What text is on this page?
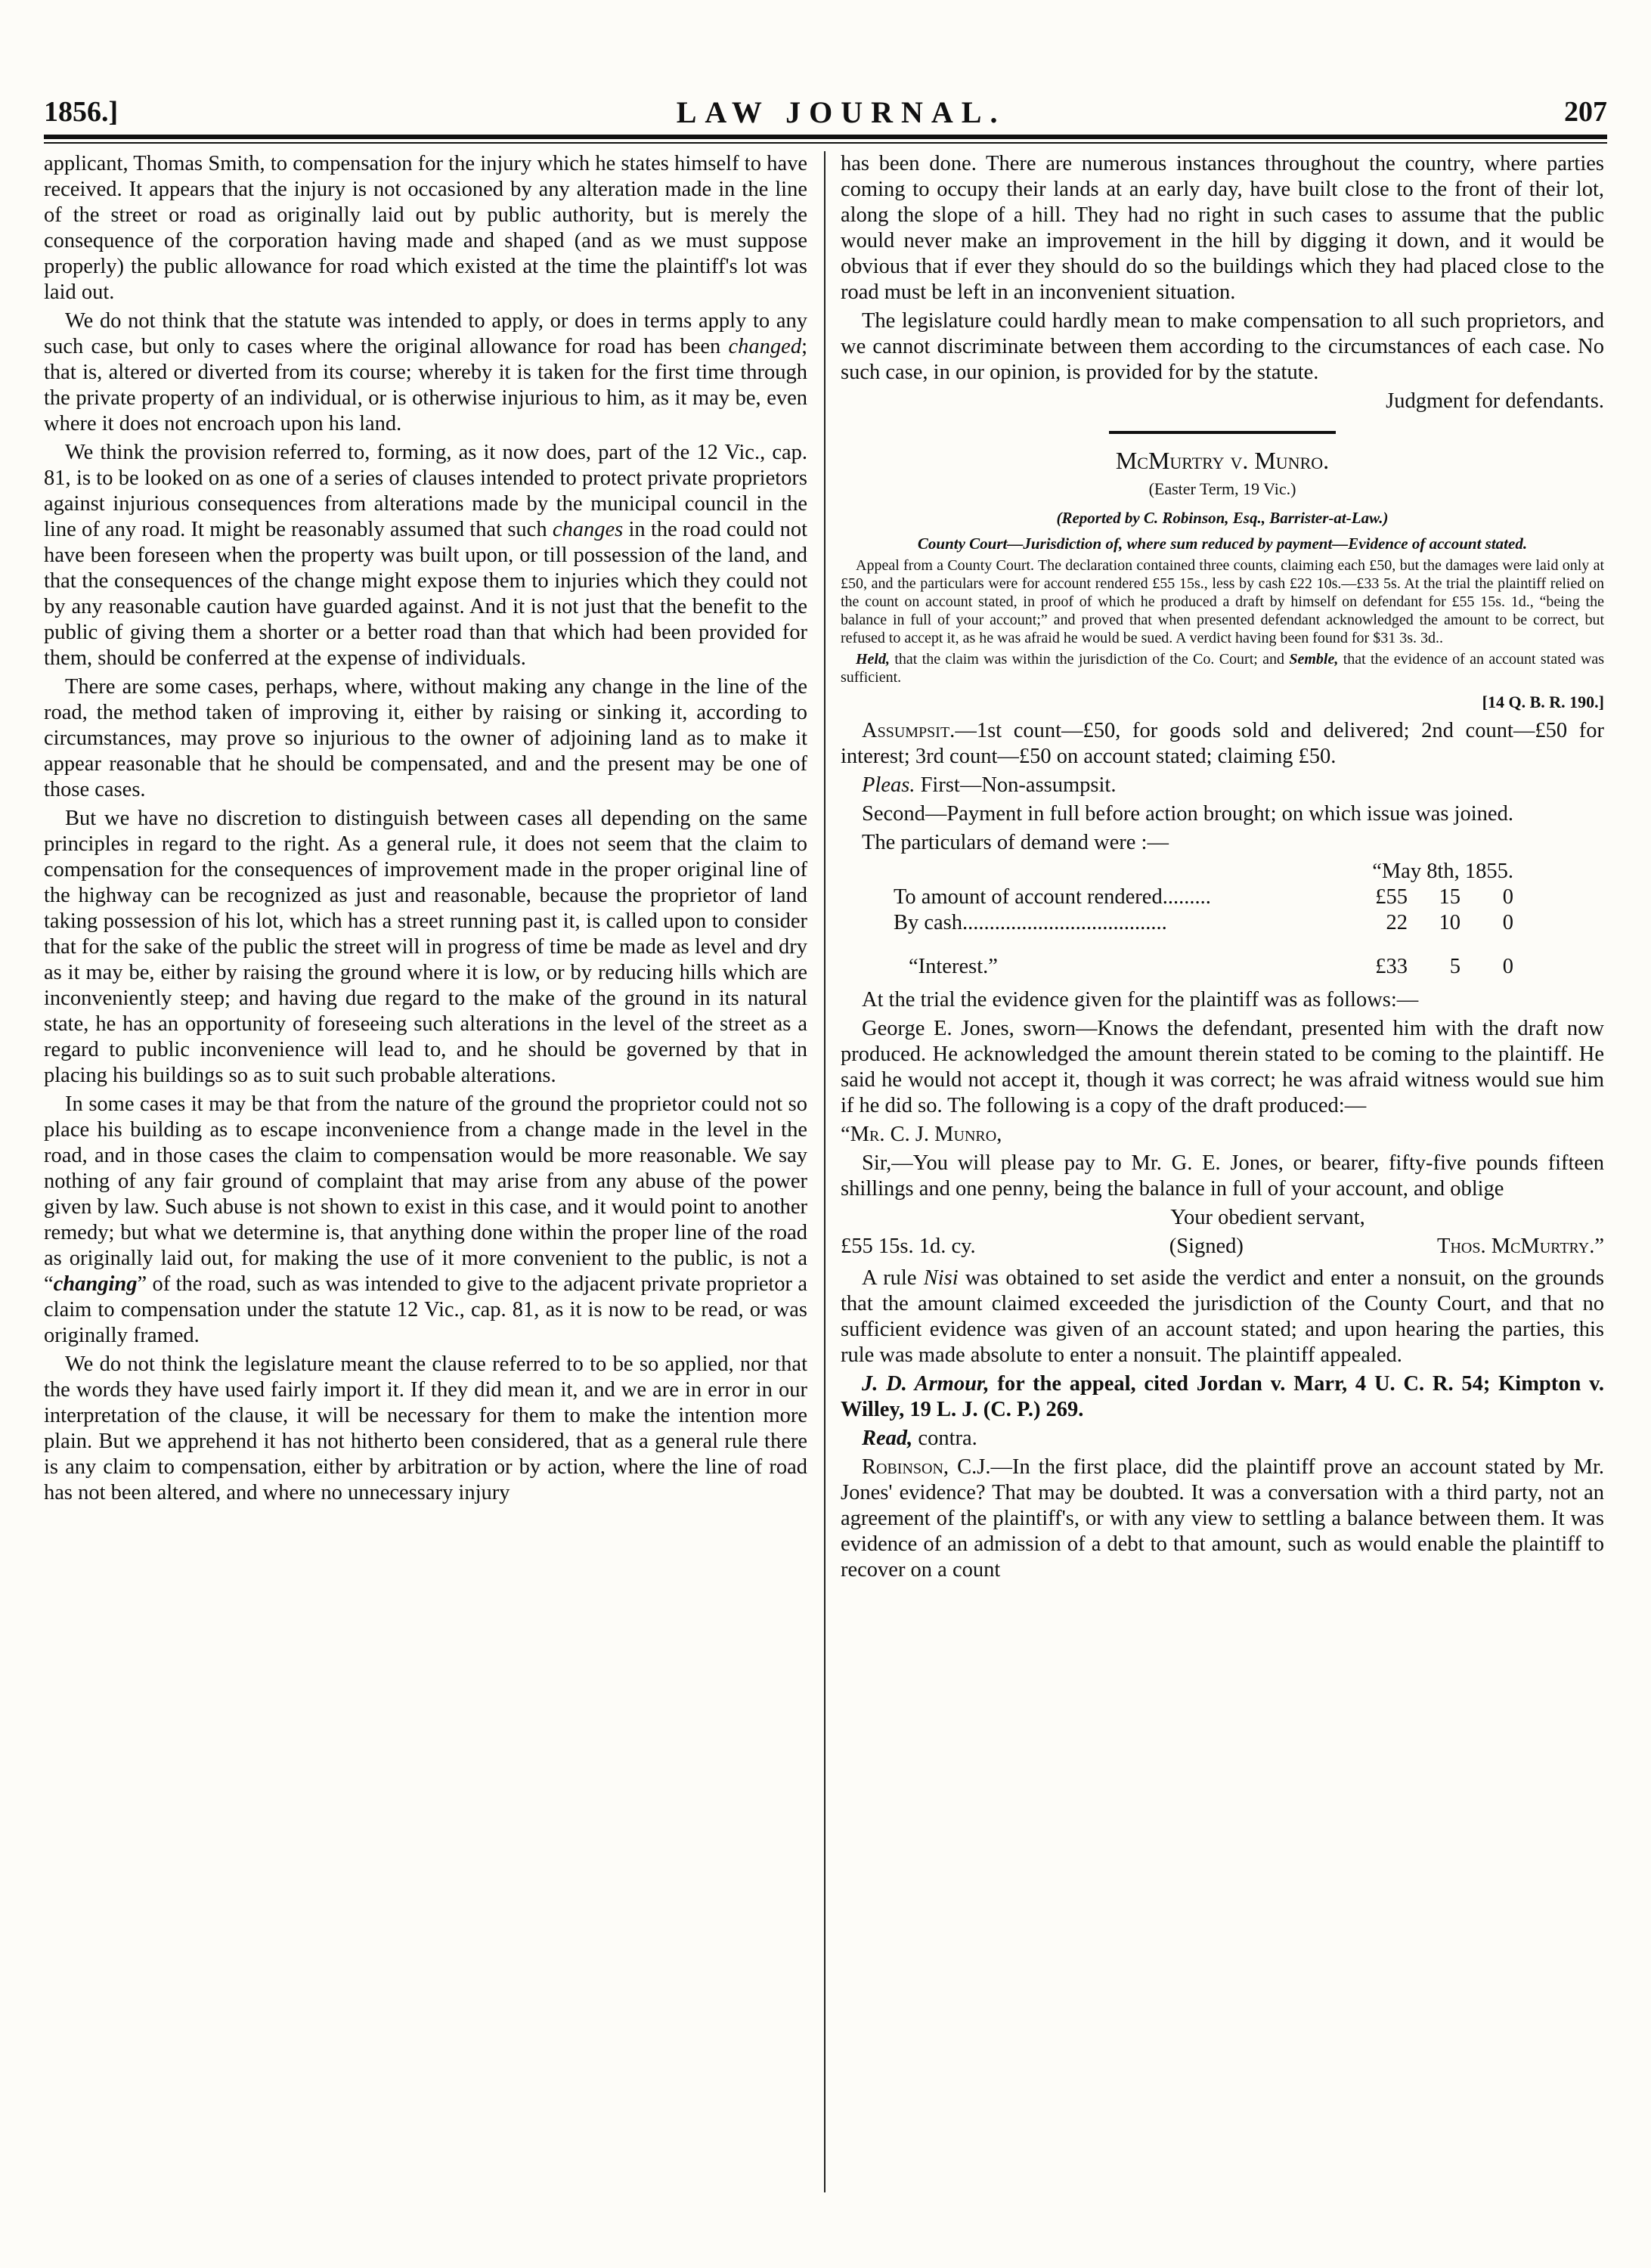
1856.]	LAW JOURNAL.	207

applicant, Thomas Smith, to compensation for the injury which he states himself to have received. It appears that the injury is not occasioned by any alteration made in the line of the street or road as originally laid out by public authority, but is merely the consequence of the corporation having made and shaped (and as we must suppose properly) the public allowance for road which existed at the time the plaintiff's lot was laid out.

We do not think that the statute was intended to apply, or does in terms apply to any such case, but only to cases where the original allowance for road has been changed; that is, altered or diverted from its course; whereby it is taken for the first time through the private property of an individual, or is otherwise injurious to him, as it may be, even where it does not encroach upon his land.

We think the provision referred to, forming, as it now does, part of the 12 Vic., cap. 81, is to be looked on as one of a series of clauses intended to protect private proprietors against injurious consequences from alterations made by the municipal council in the line of any road. It might be reasonably assumed that such changes in the road could not have been foreseen when the property was built upon, or till possession of the land, and that the consequences of the change might expose them to injuries which they could not by any reasonable caution have guarded against. And it is not just that the benefit to the public of giving them a shorter or a better road than that which had been provided for them, should be conferred at the expense of individuals.

There are some cases, perhaps, where, without making any change in the line of the road, the method taken of improving it, either by raising or sinking it, according to circumstances, may prove so injurious to the owner of adjoining land as to make it appear reasonable that he should be compensated, and and the present may be one of those cases.

But we have no discretion to distinguish between cases all depending on the same principles in regard to the right. As a general rule, it does not seem that the claim to compensation for the consequences of improvement made in the proper original line of the highway can be recognized as just and reasonable, because the proprietor of land taking possession of his lot, which has a street running past it, is called upon to consider that for the sake of the public the street will in progress of time be made as level and dry as it may be, either by raising the ground where it is low, or by reducing hills which are inconveniently steep; and having due regard to the make of the ground in its natural state, he has an opportunity of foreseeing such alterations in the level of the street as a regard to public inconvenience will lead to, and he should be governed by that in placing his buildings so as to suit such probable alterations.

In some cases it may be that from the nature of the ground the proprietor could not so place his building as to escape inconvenience from a change made in the level in the road, and in those cases the claim to compensation would be more reasonable. We say nothing of any fair ground of complaint that may arise from any abuse of the power given by law. Such abuse is not shown to exist in this case, and it would point to another remedy; but what we determine is, that anything done within the proper line of the road as originally laid out, for making the use of it more convenient to the public, is not a “changing” of the road, such as was intended to give to the adjacent private proprietor a claim to compensation under the statute 12 Vic., cap. 81, as it is now to be read, or was originally framed.

We do not think the legislature meant the clause referred to to be so applied, nor that the words they have used fairly import it. If they did mean it, and we are in error in our interpretation of the clause, it will be necessary for them to make the intention more plain. But we apprehend it has not hitherto been considered, that as a general rule there is any claim to compensation, either by arbitration or by action, where the line of road has not been altered, and where no unnecessary injury

has been done. There are numerous instances throughout the country, where parties coming to occupy their lands at an early day, have built close to the front of their lot, along the slope of a hill. They had no right in such cases to assume that the public would never make an improvement in the hill by digging it down, and it would be obvious that if ever they should do so the buildings which they had placed close to the road must be left in an inconvenient situation.

The legislature could hardly mean to make compensation to all such proprietors, and we cannot discriminate between them according to the circumstances of each case. No such case, in our opinion, is provided for by the statute.

Judgment for defendants.

McMurtry v. Munro.

(Easter Term, 19 Vic.)

(Reported by C. Robinson, Esq., Barrister-at-Law.)

County Court—Jurisdiction of, where sum reduced by payment—Evidence of account stated.

Appeal from a County Court. The declaration contained three counts, claiming each £50, but the damages were laid only at £50, and the particulars were for account rendered £55 15s., less by cash £22 10s.—£33 5s. At the trial the plaintiff relied on the count on account stated, in proof of which he produced a draft by himself on defendant for £55 15s. 1d., “being the balance in full of your account;” and proved that when presented defendant acknowledged the amount to be correct, but refused to accept it, as he was afraid he would be sued. A verdict having been found for $31 3s. 3d..

Held, that the claim was within the jurisdiction of the Co. Court; and Semble, that the evidence of an account stated was sufficient.

[14 Q. B. R. 190.]

Assumpsit.—1st count—£50, for goods sold and delivered; 2nd count—£50 for interest; 3rd count—£50 on account stated; claiming £50.

Pleas. First—Non-assumpsit.

Second—Payment in full before action brought; on which issue was joined.

The particulars of demand were :—

“May 8th, 1855.			
To amount of account rendered.........	£55	15	0
By cash......................................	22	10	0
“Interest.”	£33	5	0

At the trial the evidence given for the plaintiff was as follows:—

George E. Jones, sworn—Knows the defendant, presented him with the draft now produced. He acknowledged the amount therein stated to be coming to the plaintiff. He said he would not accept it, though it was correct; he was afraid witness would sue him if he did so. The following is a copy of the draft produced:—

“Mr. C. J. Munro,

Sir,—You will please pay to Mr. G. E. Jones, or bearer, fifty-five pounds fifteen shillings and one penny, being the balance in full of your account, and oblige

Your obedient servant,

£55 15s. 1d. cy.	(Signed)	Thos. McMurtry.”

A rule Nisi was obtained to set aside the verdict and enter a nonsuit, on the grounds that the amount claimed exceeded the jurisdiction of the County Court, and that no sufficient evidence was given of an account stated; and upon hearing the parties, this rule was made absolute to enter a nonsuit. The plaintiff appealed.

J. D. Armour, for the appeal, cited Jordan v. Marr, 4 U. C. R. 54; Kimpton v. Willey, 19 L. J. (C. P.) 269.

Read, contra.

Robinson, C.J.—In the first place, did the plaintiff prove an account stated by Mr. Jones' evidence? That may be doubted. It was a conversation with a third party, not an agreement of the plaintiff's, or with any view to settling a balance between them. It was evidence of an admission of a debt to that amount, such as would enable the plaintiff to recover on a count
